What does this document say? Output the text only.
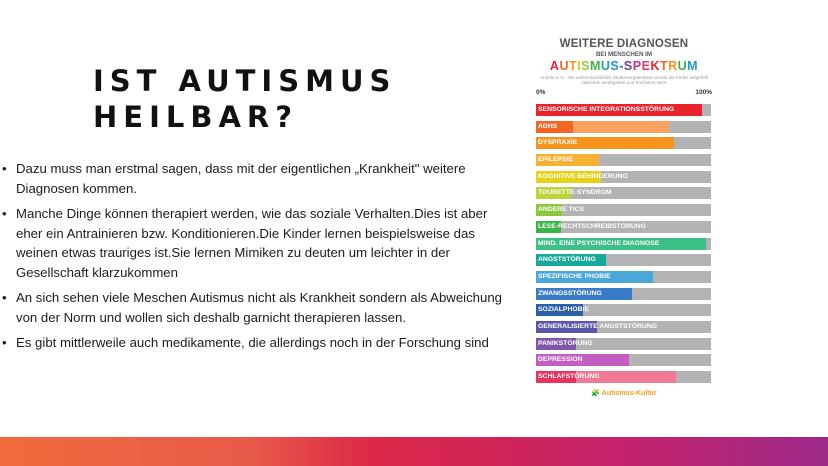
IST AUTISMUS HEILBAR?
• Dazu muss man erstmal sagen, dass mit der eigentlichen „Krankheit" weitere Diagnosen kommen.
• Manche Dinge können therapiert werden, wie das soziale Verhalten.Dies ist aber eher ein Antrainieren bzw. Konditionieren.Die Kinder lernen beispielsweise das weinen etwas trauriges ist.Sie lernen Mimiken zu deuten um leichter in der Gesellschaft klarzukommen
• An sich sehen viele Meschen Autismus nicht als Krankheit sondern als Abweichung von der Norm und wollen sich deshalb garnicht therapieren lassen.
• Es gibt mittlerweile auch medikamente, die allerdings noch in der Forschung sind
WEITERE DIAGNOSEN
BEI MENSCHEN IM
AUTISMUS-SPEKTRUM
Anteile in % - bei unterschiedlichen Studienergebnissen wurde die Farbe aufgefüllt zwischen niedrigstem und höchstem Wert
0%	100%
SENSORISCHE INTEGRATIONSSTÖRUNG
ADHS
DYSPRAXIE
EPILEPSIE
KOGNITIVE BEHINDERUNG
TOURETTE-SYNDROM
ANDERE TICS
LESE-RECHTSCHREIBSTÖRUNG
MIND. EINE PSYCHISCHE DIAGNOSE
ANGSTSTÖRUNG
SPEZIFISCHE PHOBIE
ZWANGSSTÖRUNG
SOZIALPHOBIE
GENERALISIERTE ANGSTSTÖRUNG
PANIKSTÖRUNG
DEPRESSION
SCHLAFSTÖRUNG
🧩 Autismus-Kultur
